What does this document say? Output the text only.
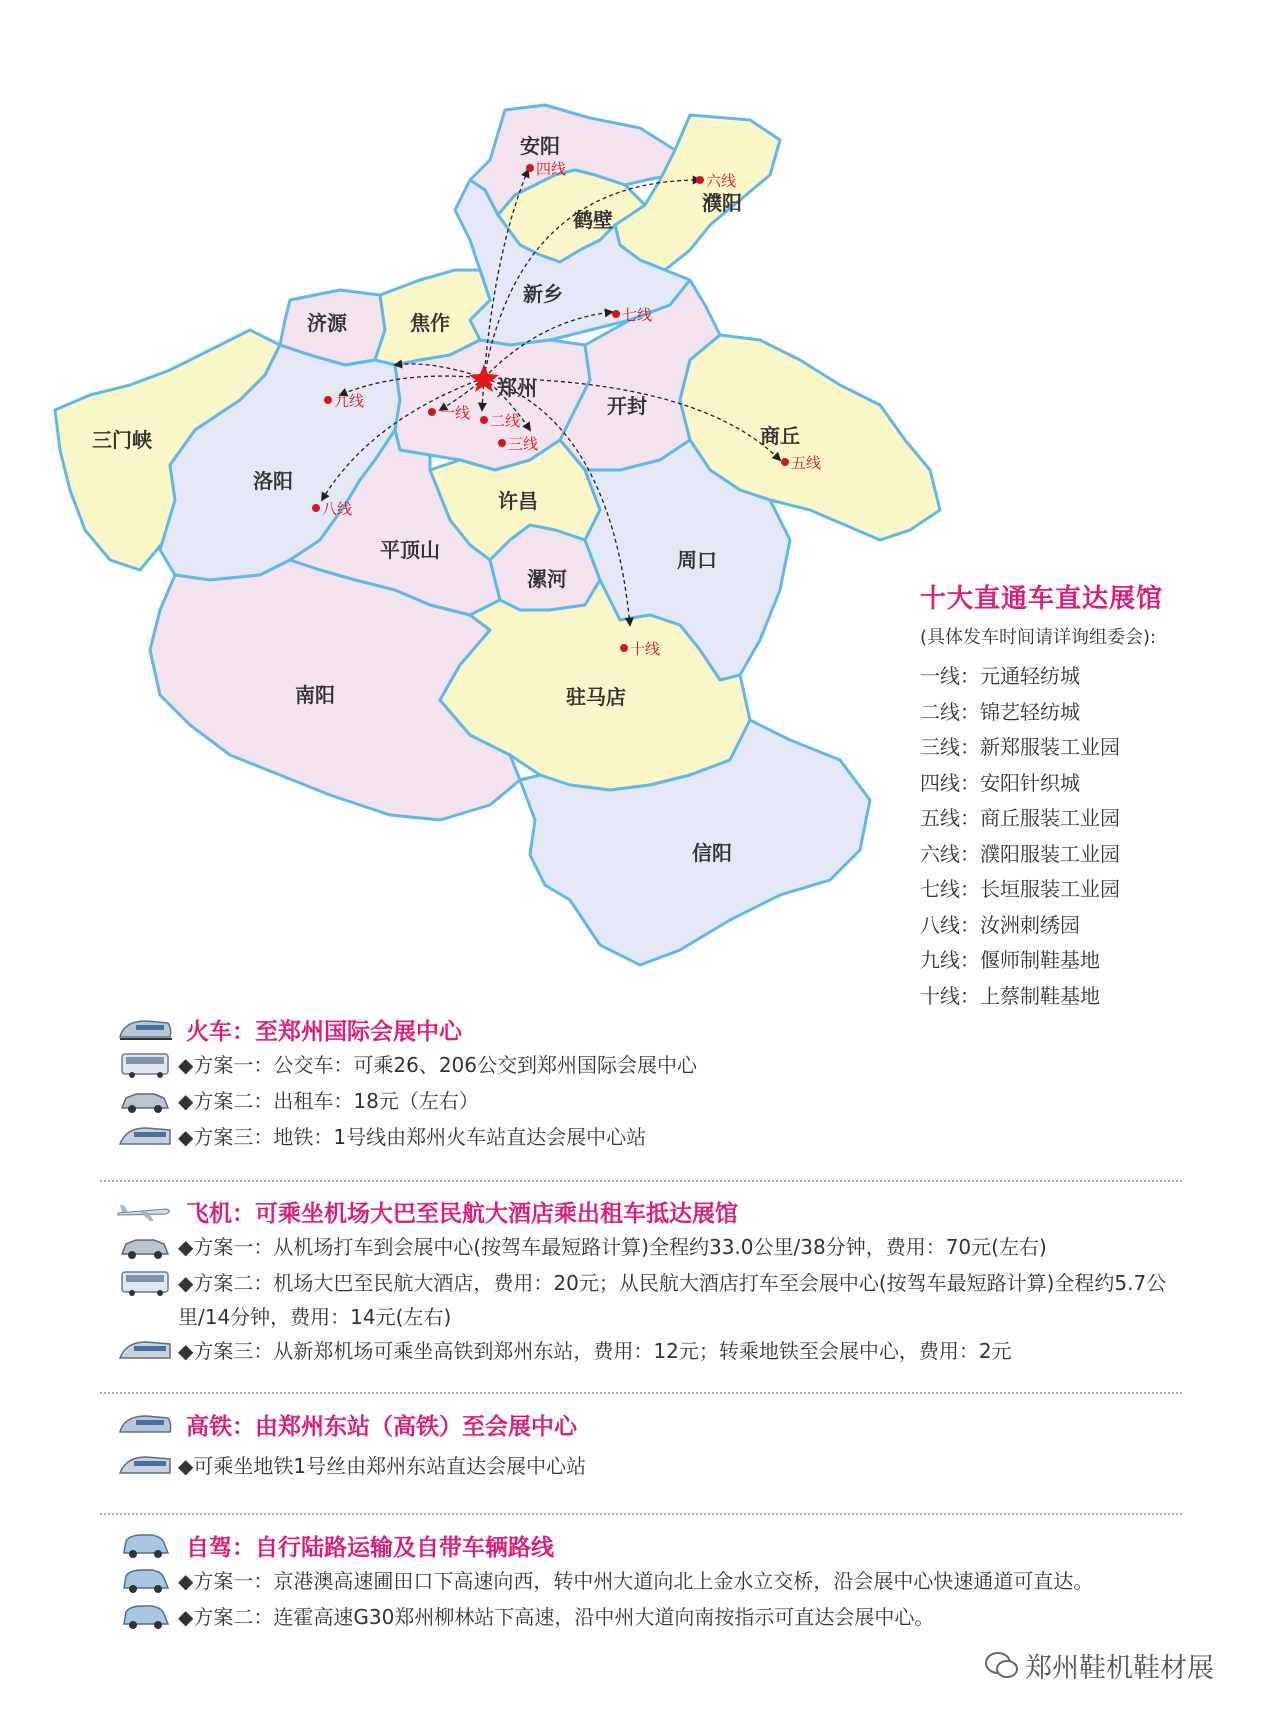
郑州
安阳
濮阳
鹤壁
新乡
济源	焦作
三门峡
洛阳
开封
商丘
许昌
平顶山
漯河
周口
南阳	驻马店
信阳
一线 二线
三线
四线
五线
六线
七线
八线
九线
十线
十大直通车直达展馆
(具体发车时间请详询组委会):
一线：元通轻纺城
二线：锦艺轻纺城
三线：新郑服装工业园
四线：安阳针织城
五线：商丘服装工业园
六线：濮阳服装工业园
七线：长垣服装工业园
八线：汝洲刺绣园
九线：偃师制鞋基地
十线：上蔡制鞋基地
火车：至郑州国际会展中心
◆方案一：公交车：可乘26、206公交到郑州国际会展中心
◆方案二：出租车：18元（左右）
◆方案三：地铁：1号线由郑州火车站直达会展中心站
飞机：可乘坐机场大巴至民航大酒店乘出租车抵达展馆
◆方案一：从机场打车到会展中心(按驾车最短路计算)全程约33.0公里/38分钟，费用：70元(左右)
◆方案二：机场大巴至民航大酒店，费用：20元；从民航大酒店打车至会展中心(按驾车最短路计算)全程约5.7公里/14分钟，费用：14元(左右)
◆方案三：从新郑机场可乘坐高铁到郑州东站，费用：12元；转乘地铁至会展中心，费用：2元
高铁：由郑州东站（高铁）至会展中心
◆可乘坐地铁1号丝由郑州东站直达会展中心站
自驾：自行陆路运输及自带车辆路线
◆方案一：京港澳高速圃田口下高速向西，转中州大道向北上金水立交桥，沿会展中心快速通道可直达。
◆方案二：连霍高速G30郑州柳林站下高速，沿中州大道向南按指示可直达会展中心。
郑州鞋机鞋材展
